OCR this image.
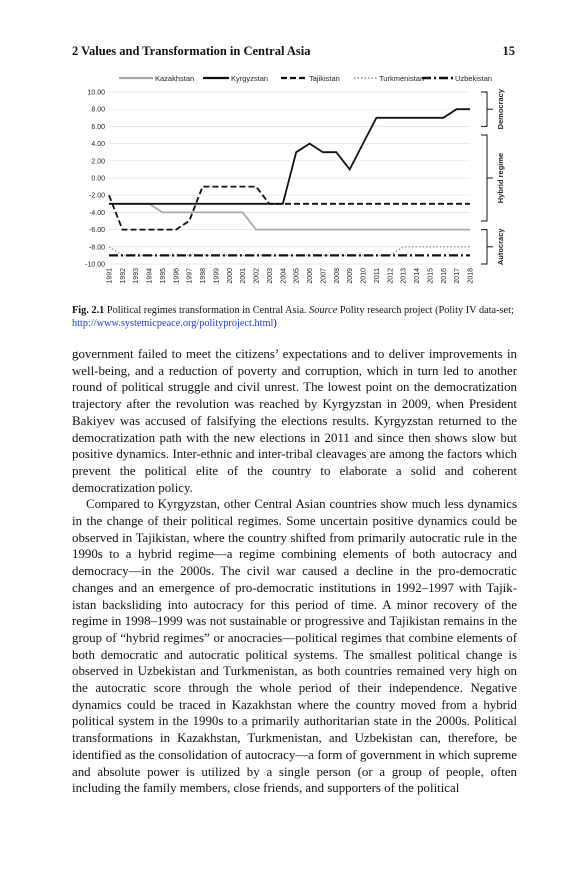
2 Values and Transformation in Central Asia	15
Kazakhstan	Kyrgyzstan	Tajikistan	Turkmenistan	Uzbekistan
10.00
8.00
6.00
4.00
2.00
0.00
-2.00
-4.00
-6.00
-8.00
-10.00
1991 1992 1993 1994 1995 1996 1997 1998 1999 2000 2001 2002 2003 2004 2005 2006 2007 2008 2009 2010 2011 2012 2013 2014 2015 2016 2017 2018
Democracy
Hybrid regime
Autocracy
Fig. 2.1 Political regimes transformation in Central Asia. Source Polity research project (Polity IV data-set; http://www.systemicpeace.org/polityproject.html)

government failed to meet the citizens’ expectations and to deliver improvements in well-being, and a reduction of poverty and corruption, which in turn led to another round of political struggle and civil unrest. The lowest point on the democratization trajectory after the revolution was reached by Kyrgyzstan in 2009, when President Bakiyev was accused of falsifying the elections results. Kyrgyzstan returned to the democratization path with the new elections in 2011 and since then shows slow but positive dynamics. Inter-ethnic and inter-tribal cleavages are among the factors which prevent the political elite of the country to elaborate a solid and coherent democratization policy.

Compared to Kyrgyzstan, other Central Asian countries show much less dynamics in the change of their political regimes. Some uncertain positive dynamics could be observed in Tajikistan, where the country shifted from primarily autocratic rule in the 1990s to a hybrid regime—a regime combining elements of both autocracy and democracy—in the 2000s. The civil war caused a decline in the pro-democratic changes and an emergence of pro-democratic institutions in 1992–1997 with Tajikistan backsliding into autocracy for this period of time. A minor recovery of the regime in 1998–1999 was not sustainable or progressive and Tajikistan remains in the group of “hybrid regimes” or anocracies—political regimes that combine elements of both democratic and autocratic political systems. The smallest political change is observed in Uzbekistan and Turkmenistan, as both countries remained very high on the autocratic score through the whole period of their independence. Negative dynamics could be traced in Kazakhstan where the country moved from a hybrid political system in the 1990s to a primarily authoritarian state in the 2000s. Political transformations in Kazakhstan, Turkmenistan, and Uzbekistan can, therefore, be identified as the consolidation of autocracy—a form of government in which supreme and absolute power is utilized by a single person (or a group of people, often including the family members, close friends, and supporters of the political
